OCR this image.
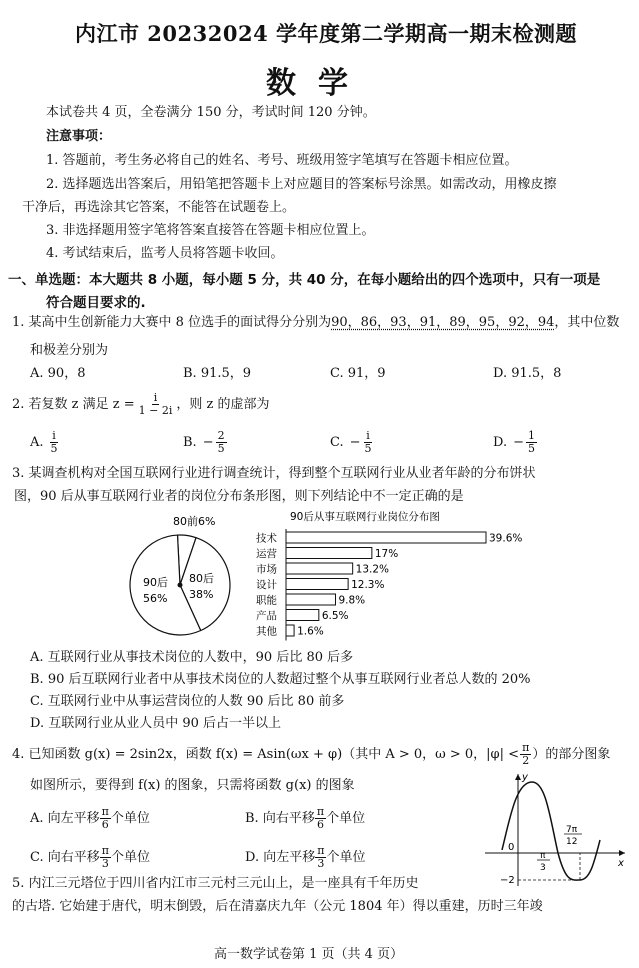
内江市 20232024 学年度第二学期高一期末检测题
数学
本试卷共 4 页，全卷满分 150 分，考试时间 120 分钟。
注意事项：
1. 答题前，考生务必将自己的姓名、考号、班级用签字笔填写在答题卡相应位置。
2. 选择题选出答案后，用铅笔把答题卡上对应题目的答案标号涂黑。如需改动，用橡皮擦
干净后，再选涂其它答案，不能答在试题卷上。
3. 非选择题用签字笔将答案直接答在答题卡相应位置上。
4. 考试结束后，监考人员将答题卡收回。
一、单选题：本大题共 8 小题，每小题 5 分，共 40 分，在每小题给出的四个选项中，只有一项是
符合题目要求的.
1. 某高中生创新能力大赛中 8 位选手的面试得分分别为90，86，93，91，89，95，92，94，其中位数
和极差分别为
A. 90，8	B. 91.5，9	C. 91，9	D. 91.5，8
2. 若复数 z 满足 $z = \frac{i}{1 - 2i}$ ，则 z 的虚部为
A. $\frac{i}{5}$	B. − $\frac{2}{5}$	C. − $\frac{i}{5}$	D. − $\frac{1}{5}$
3. 某调查机构对全国互联网行业进行调查统计，得到整个互联网行业从业者年龄的分布饼状
图，90 后从事互联网行业者的岗位分布条形图，则下列结论中不一定正确的是
80前6%
90后
56%
80后
38%
90后从事互联网行业岗位分布图
技术	39.6%
运营	17%
市场	13.2%
设计	12.3%
职能	9.8%
产品	6.5%
其他 1.6%
A. 互联网行业从事技术岗位的人数中，90 后比 80 后多
B. 90 后互联网行业者中从事技术岗位的人数超过整个从事互联网行业者总人数的 20%
C. 互联网行业中从事运营岗位的人数 90 后比 80 前多
D. 互联网行业从业人员中 90 后占一半以上
4. 已知函数 g(x) = 2sin2x，函数 f(x) = Asin(ωx + φ)（其中 A > 0，ω > 0，$|\varphi| < \frac{\pi}{2}$ ）的部分图象
如图所示，要得到 f(x) 的图象，只需将函数 g(x) 的图象
A. 向左平移 $\frac{\pi}{6}$ 个单位	B. 向右平移 $\frac{\pi}{6}$ 个单位
C. 向右平移 $\frac{\pi}{3}$ 个单位	D. 向左平移 $\frac{\pi}{3}$ 个单位
y
x
0
−2
π
3
7π
12
5. 内江三元塔位于四川省内江市三元村三元山上，是一座具有千年历史
的古塔. 它始建于唐代，明末倒毁，后在清嘉庆九年（公元 1804 年）得以重建，历时三年竣
高一数学试卷第 1 页（共 4 页）
